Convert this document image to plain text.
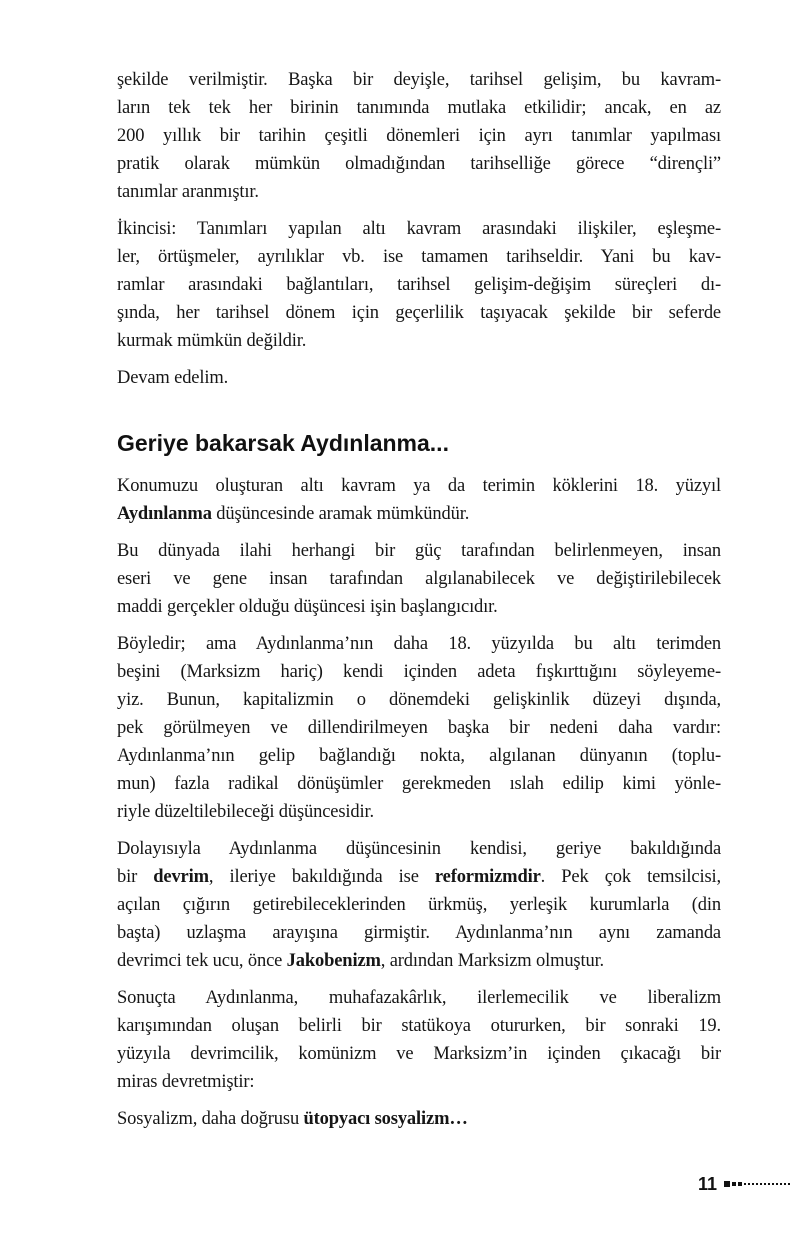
şekilde verilmiştir. Başka bir deyişle, tarihsel gelişim, bu kavram-
ların tek tek her birinin tanımında mutlaka etkilidir; ancak, en az
200 yıllık bir tarihin çeşitli dönemleri için ayrı tanımlar yapılması
pratik olarak mümkün olmadığından tarihselliğe görece “dirençli”
tanımlar aranmıştır.
İkincisi: Tanımları yapılan altı kavram arasındaki ilişkiler, eşleşme-
ler, örtüşmeler, ayrılıklar vb. ise tamamen tarihseldir. Yani bu kav-
ramlar arasındaki bağlantıları, tarihsel gelişim-değişim süreçleri dı-
şında, her tarihsel dönem için geçerlilik taşıyacak şekilde bir seferde
kurmak mümkün değildir.
Devam edelim.
Geriye bakarsak Aydınlanma...
Konumuzu oluşturan altı kavram ya da terimin köklerini 18. yüzyıl
Aydınlanma düşüncesinde aramak mümkündür.
Bu dünyada ilahi herhangi bir güç tarafından belirlenmeyen, insan
eseri ve gene insan tarafından algılanabilecek ve değiştirilebilecek
maddi gerçekler olduğu düşüncesi işin başlangıcıdır.
Böyledir; ama Aydınlanma’nın daha 18. yüzyılda bu altı terimden
beşini (Marksizm hariç) kendi içinden adeta fışkırttığını söyleyeme-
yiz. Bunun, kapitalizmin o dönemdeki gelişkinlik düzeyi dışında,
pek görülmeyen ve dillendirilmeyen başka bir nedeni daha vardır:
Aydınlanma’nın gelip bağlandığı nokta, algılanan dünyanın (toplu-
mun) fazla radikal dönüşümler gerekmeden ıslah edilip kimi yönle-
riyle düzeltilebileceği düşüncesidir.
Dolayısıyla Aydınlanma düşüncesinin kendisi, geriye bakıldığında
bir devrim, ileriye bakıldığında ise reformizmdir. Pek çok temsilcisi,
açılan çığırın getirebileceklerinden ürkmüş, yerleşik kurumlarla (din
başta) uzlaşma arayışına girmiştir. Aydınlanma’nın aynı zamanda
devrimci tek ucu, önce Jakobenizm, ardından Marksizm olmuştur.
Sonuçta Aydınlanma, muhafazakârlık, ilerlemecilik ve liberalizm
karışımından oluşan belirli bir statükoya otururken, bir sonraki 19.
yüzyıla devrimcilik, komünizm ve Marksizm’in içinden çıkacağı bir
miras devretmiştir:
Sosyalizm, daha doğrusu ütopyacı sosyalizm…
11
